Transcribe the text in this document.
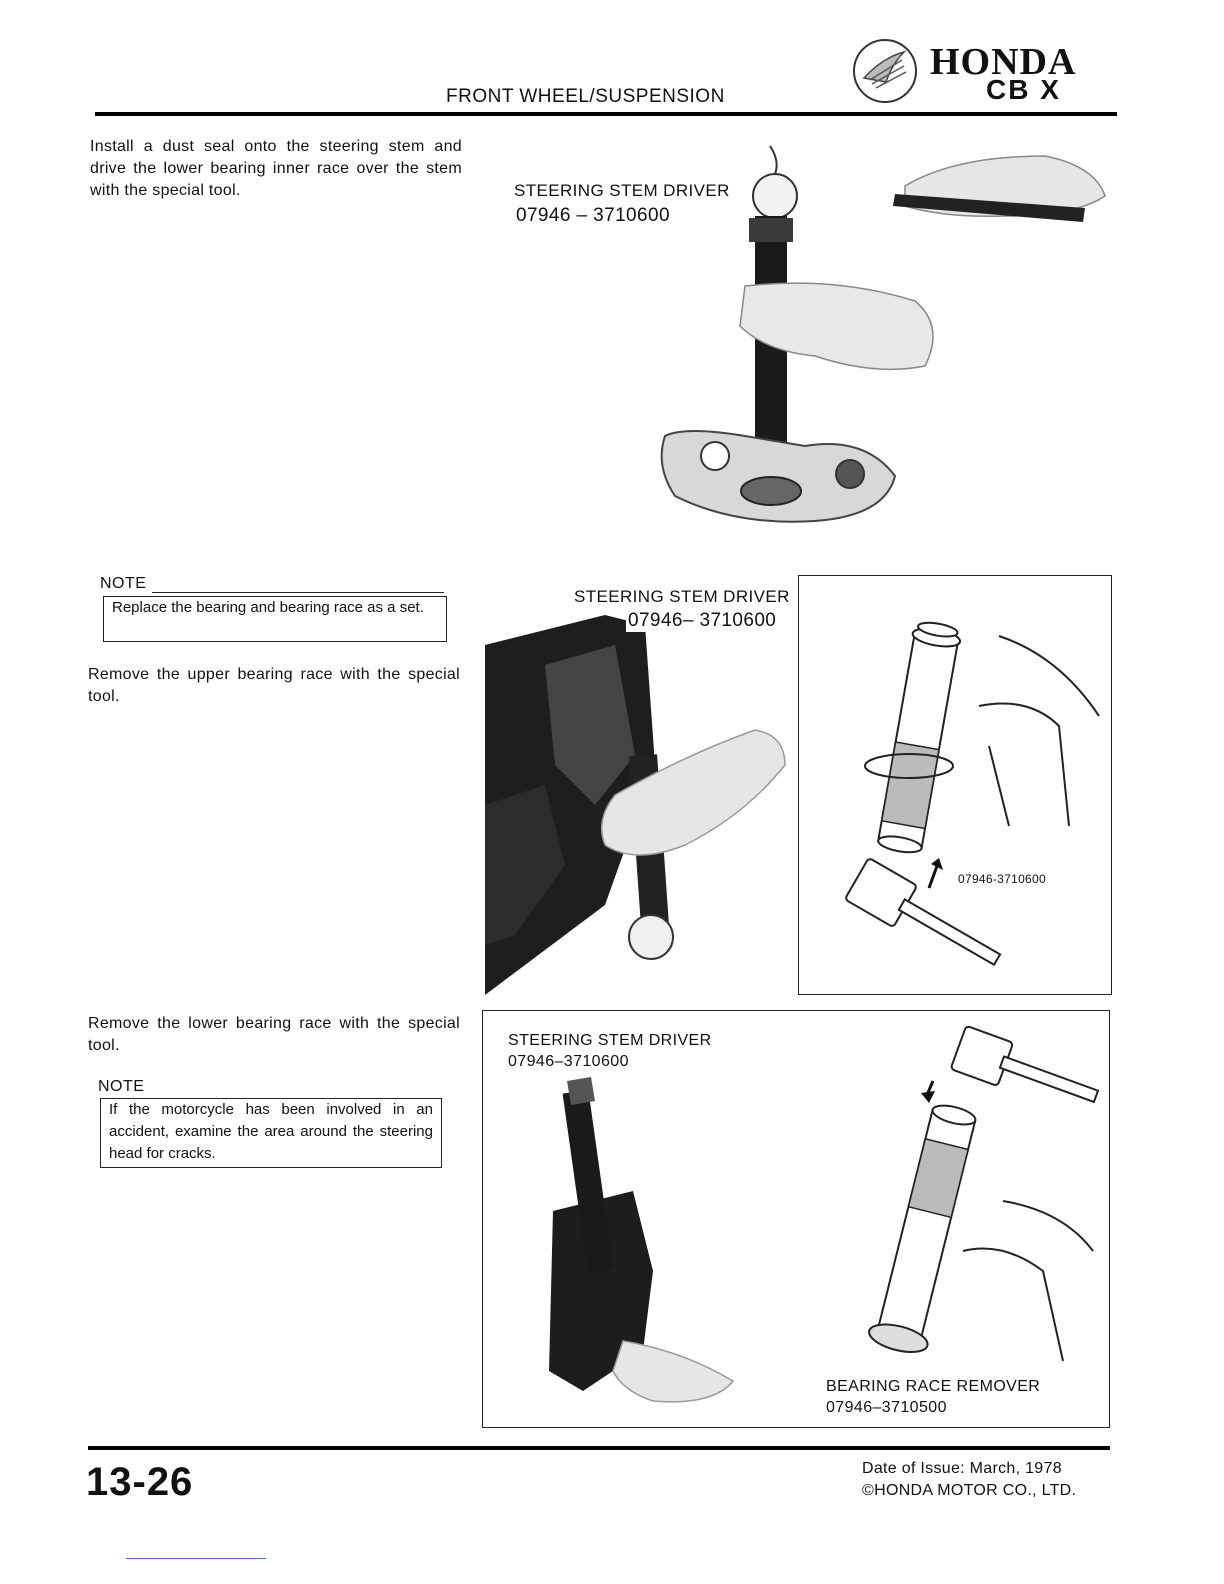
HONDA
CB X
FRONT WHEEL/SUSPENSION
Install a dust seal onto the steering stem and drive the lower bearing inner race over the stem with the special tool.	STEERING STEM DRIVER
07946 – 3710600
NOTE
Replace the bearing and bearing race as a set.
Remove the upper bearing race with the special tool.
STEERING STEM DRIVER
07946– 3710600
07946-3710600
Remove the lower bearing race with the special tool.
NOTE
If the motorcycle has been involved in an accident, examine the area around the steering head for cracks.
STEERING STEM DRIVER
07946–3710600
BEARING RACE REMOVER
07946–3710500
13-26	Date of Issue: March, 1978
©HONDA MOTOR CO., LTD.
